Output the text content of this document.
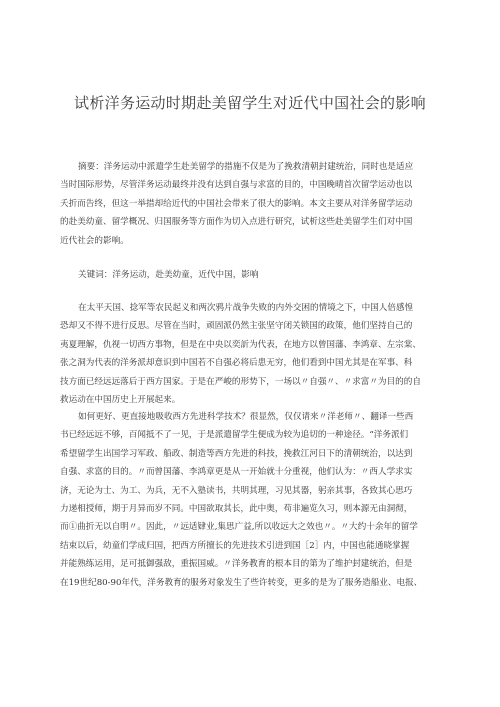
试析洋务运动时期赴美留学生对近代中国社会的影响
摘要：洋务运动中派遣学生赴美留学的措施不仅是为了挽救清朝封建统治，同时也是适应
当时国际形势，尽管洋务运动最终并没有达到自强与求富的目的，中国晚晴首次留学运动也以
夭折而告终，但这一举措却给近代的中国社会带来了很大的影响。本文主要从对洋务留学运动
的赴美幼童、留学概况、归国服务等方面作为切入点进行研究，试析这些赴美留学生们对中国
近代社会的影响。
关键词：洋务运动，赴美幼童，近代中国，影响
在太平天国、捻军等农民起义和两次鸦片战争失败的内外交困的情境之下，中国人倍感惶
恐却又不得不进行反思。尽管在当时，顽固派仍然主张坚守闭关锁国的政策，他们坚持自己的
夷夏理解，仇视一切西方事物，但是在中央以奕訢为代表，在地方以曾国藩、李鸿章、左宗棠、
张之洞为代表的洋务派却意识到中国若不自强必将后患无穷，他们看到中国尤其是在军事、科
技方面已经远远落后于西方国家。于是在严峻的形势下，一场以〃自强〃、〃求富〃为目的的自
救运动在中国历史上开展起来。
如何更好、更直接地吸收西方先进科学技术？很显然，仅仅请来〃洋老师〃、翻译一些西
书已经远远不够，百闻抵不了一见，于是派遣留学生便成为较为追切的一种途径。“洋务派们
希望留学生出国学习军政、船政、制造等西方先进的科技，挽救江河日下的清朝统治，以达到
自强、求富的目的。〃而曾国藩、李鸿章更是从一开始就十分重视，他们认为：〃西人学求实
济，无论为士、为工、为兵，无不入塾读书，共明其理，习见其器，躬亲其事，各致其心思巧
力递相授师，期于月异而岁不同。中国欲取其长，此中奥，苟非遍览久习，则本源无由洞彻，
而①曲折无以自明〃。因此，〃远适肄业,集思广益,所以收远大之效也〃。〃大约十余年的留学
结束以后，幼童们学成归国，把西方所擅长的先进技术引进到国［2］内，中国也能通晓掌握
并能熟练运用，足可抵御强敌，重振国威。〃洋务教育的根本目的第为了维护封建统治，但是
在19世纪80-90年代，洋务教育的服务对象发生了些许转变，更多的是为了服务造船业、电报、
